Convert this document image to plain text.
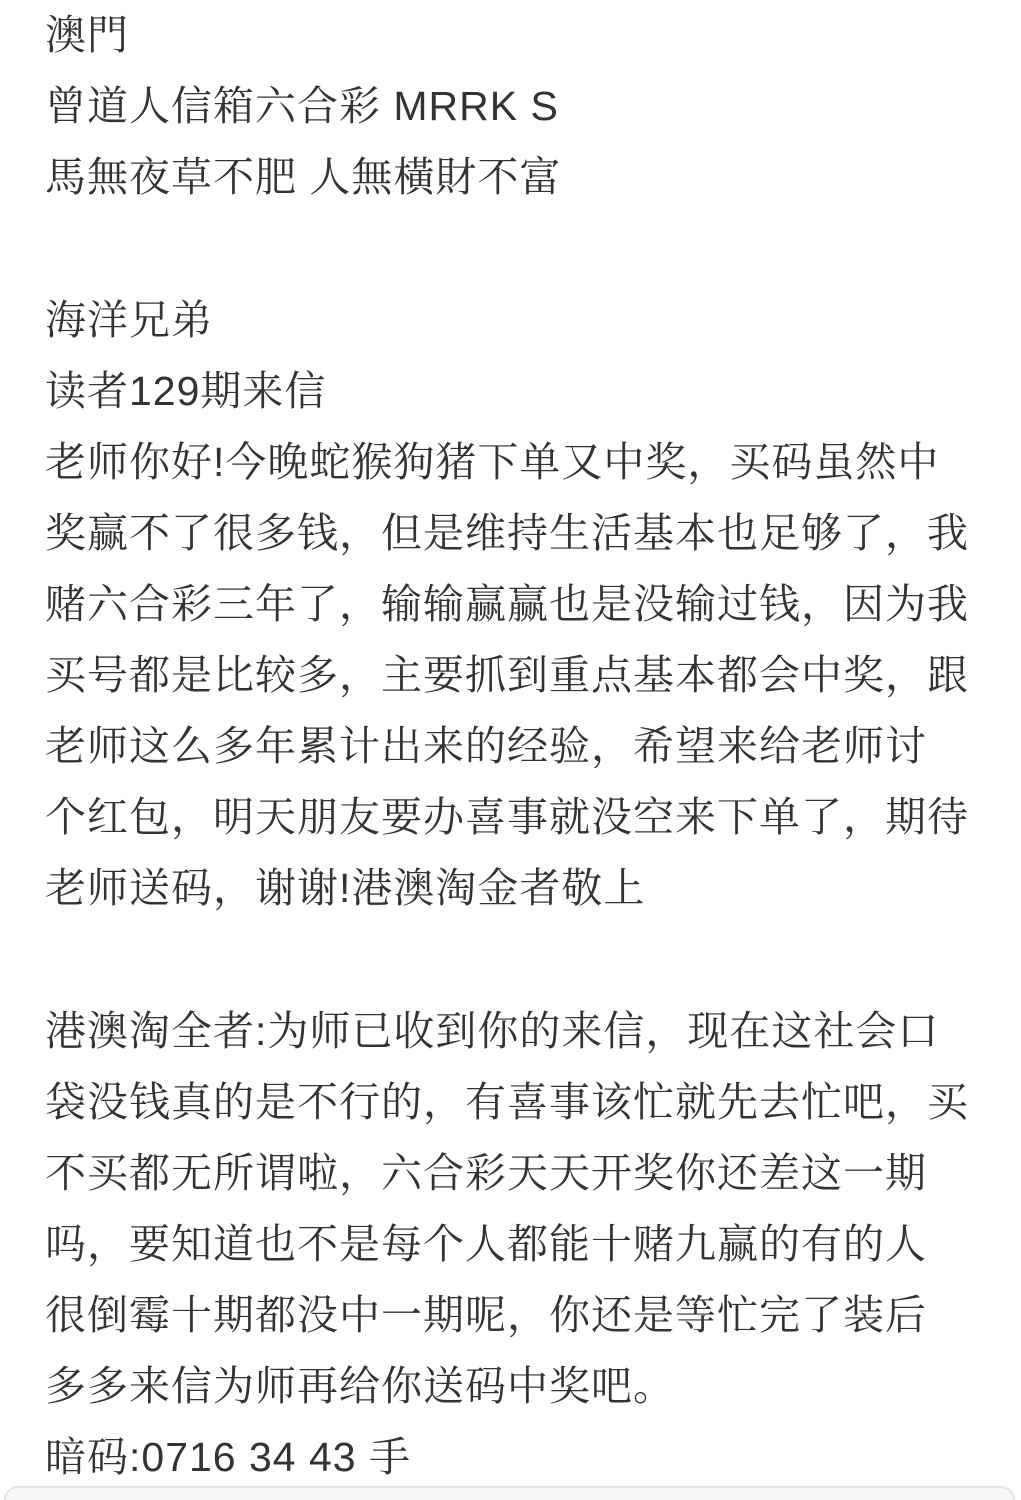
澳門
曾道人信箱六合彩 MRRK S
馬無夜草不肥 人無橫財不富
海洋兄弟
读者129期来信
老师你好!今晚蛇猴狗猪下单又中奖，买码虽然中
奖赢不了很多钱，但是维持生活基本也足够了，我
赌六合彩三年了，输输赢赢也是没输过钱，因为我
买号都是比较多，主要抓到重点基本都会中奖，跟
老师这么多年累计出来的经验，希望来给老师讨
个红包，明天朋友要办喜事就没空来下单了，期待
老师送码，谢谢!港澳淘金者敬上
港澳淘全者:为师已收到你的来信，现在这社会口
袋没钱真的是不行的，有喜事该忙就先去忙吧，买
不买都无所谓啦，六合彩天天开奖你还差这一期
吗，要知道也不是每个人都能十赌九赢的有的人
很倒霉十期都没中一期呢，你还是等忙完了装后
多多来信为师再给你送码中奖吧。
暗码:0716 34 43 手
